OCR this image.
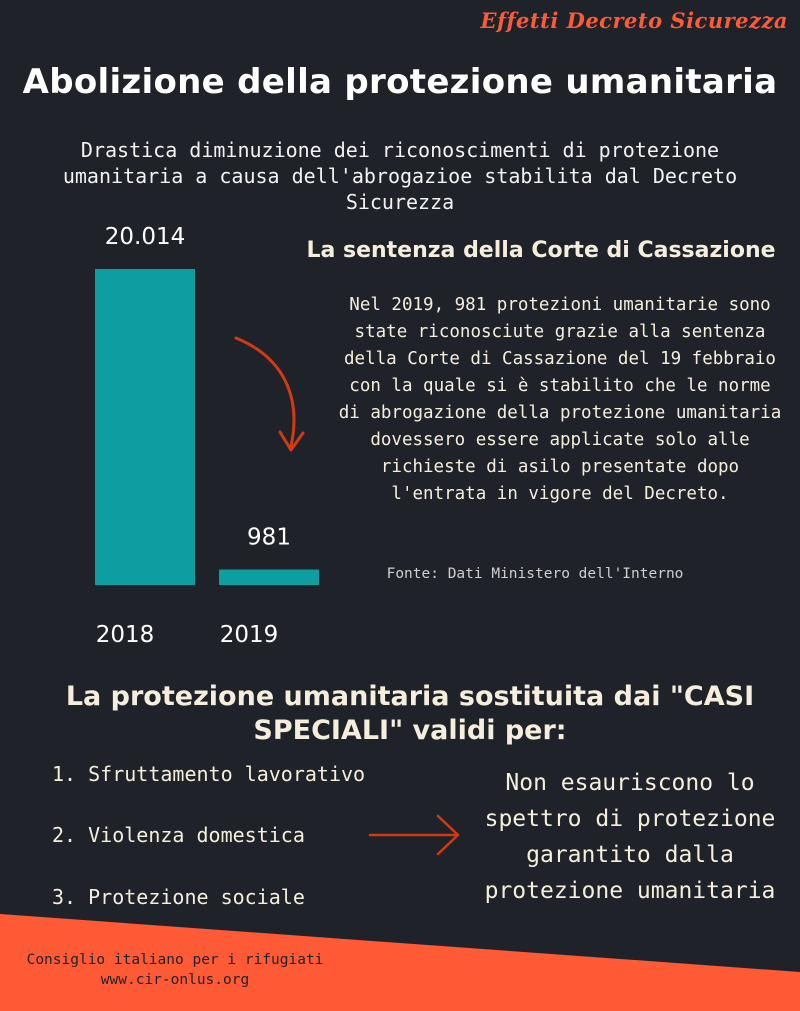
Effetti Decreto Sicurezza
Abolizione della protezione umanitaria
Drastica diminuzione dei riconoscimenti di protezione umanitaria a causa dell'abrogazioe stabilita dal Decreto Sicurezza
20.014
2018
981
2019
La sentenza della Corte di Cassazione
Nel 2019, 981 protezioni umanitarie sono state riconosciute grazie alla sentenza della Corte di Cassazione del 19 febbraio con la quale si è stabilito che le norme di abrogazione della protezione umanitaria dovessero essere applicate solo alle richieste di asilo presentate dopo l'entrata in vigore del Decreto.
Fonte: Dati Ministero dell'Interno
La protezione umanitaria sostituita dai "CASI SPECIALI" validi per:
1. Sfruttamento lavorativo
2. Violenza domestica
3. Protezione sociale
Non esauriscono lo spettro di protezione garantito dalla protezione umanitaria
Consiglio italiano per i rifugiati
www.cir-onlus.org
